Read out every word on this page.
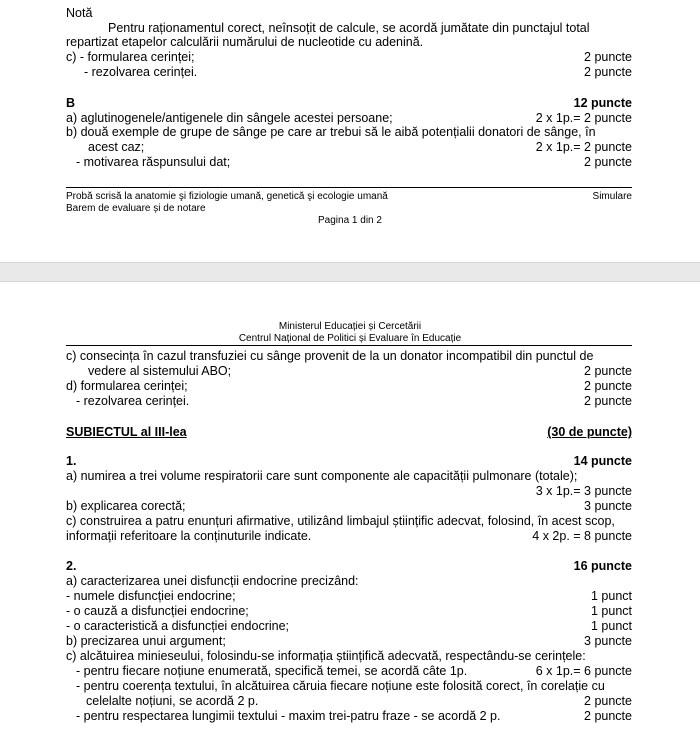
Notă
Pentru raționamentul corect, neînsoțit de calcule, se acordă jumătate din punctajul total
repartizat etapelor calculării numărului de nucleotide cu adenină.
c) - formularea cerinței;	2 puncte
- rezolvarea cerinței.	2 puncte
B	12 puncte
a) aglutinogenele/antigenele din sângele acestei persoane;	2 x 1p.= 2 puncte
b) două exemple de grupe de sânge pe care ar trebui să le aibă potențialii donatori de sânge, în
acest caz;	2 x 1p.= 2 puncte
- motivarea răspunsului dat;	2 puncte
Probă scrisă la anatomie şi fiziologie umană, genetică şi ecologie umană	Simulare
Barem de evaluare și de notare
Pagina 1 din 2
Ministerul Educației și Cercetării
Centrul Național de Politici și Evaluare în Educație
c) consecința în cazul transfuziei cu sânge provenit de la un donator incompatibil din punctul de
vedere al sistemului ABO;	2 puncte
d) formularea cerinței;	2 puncte
- rezolvarea cerinței.	2 puncte
SUBIECTUL al III-lea	(30 de puncte)
1.	14 puncte
a) numirea a trei volume respiratorii care sunt componente ale capacității pulmonare (totale);
3 x 1p.= 3 puncte
b) explicarea corectă;	3 puncte
c) construirea a patru enunțuri afirmative, utilizând limbajul științific adecvat, folosind, în acest scop,
informații referitoare la conținuturile indicate.	4 x 2p. = 8 puncte
2.	16 puncte
a) caracterizarea unei disfuncții endocrine precizând:
- numele disfuncției endocrine;	1 punct
- o cauză a disfuncției endocrine;	1 punct
- o caracteristică a disfuncției endocrine;	1 punct
b) precizarea unui argument;	3 puncte
c) alcătuirea minieseului, folosindu-se informația științifică adecvată, respectându-se cerințele:
- pentru fiecare noțiune enumerată, specifică temei, se acordă câte 1p.	6 x 1p.= 6 puncte
- pentru coerența textului, în alcătuirea căruia fiecare noțiune este folosită corect, în corelație cu
celelalte noțiuni, se acordă 2 p.	2 puncte
- pentru respectarea lungimii textului - maxim trei-patru fraze - se acordă 2 p.	2 puncte
